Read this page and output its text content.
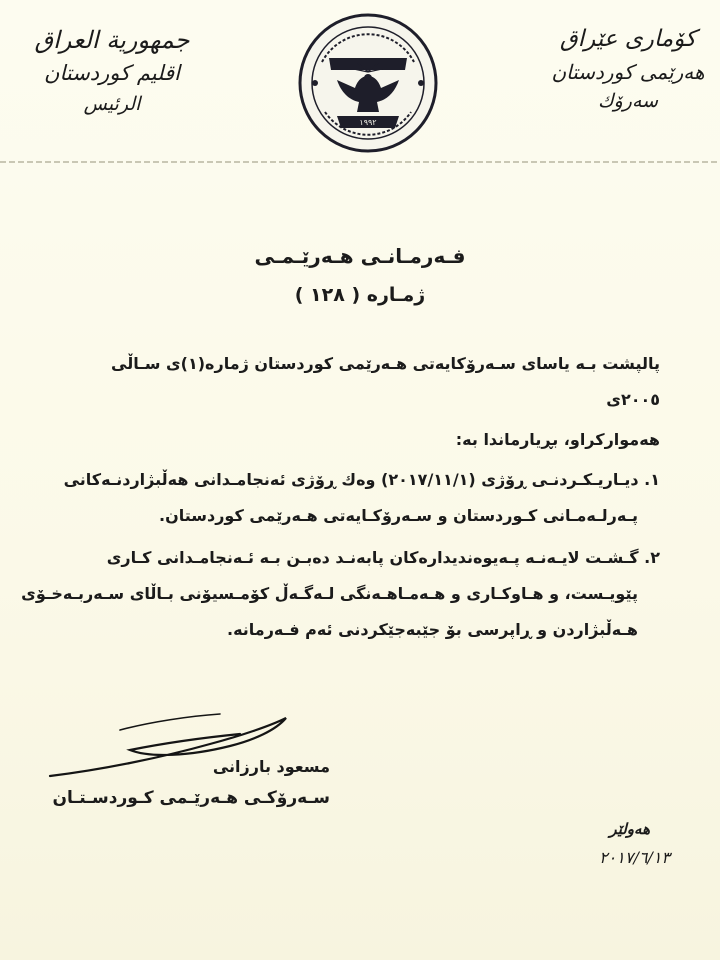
جمهورية العراق
اقليم كوردستان
الرئيس
كۆماری عێراق
هەرێمی کوردستان
سەرۆك
١٩٩٢
فـەرمـانـی هـەرێـمـی
ژمـارە ( ١٢٨ )

پالپشت بـە یاسای سـەرۆکایەتی هـەرێمی کوردستان ژمارە(١)ی سـاڵی ٢٠٠٥ی

هەموارکراو، بڕیارماندا بە:

١. دیـاریـکـردنـی ڕۆژی (٢٠١٧/١١/١) وەك ڕۆژی ئەنجامـدانی هەڵبژاردنـەکانی
پـەرلـەمـانی کـوردستان و سـەرۆکـایەتی هـەرێمی کوردستان.
٢. گـشـت لایـەنـە پـەیوەندیدارەکان پابەنـد دەبـن بـە ئـەنجامـدانی کـاری
پێویـست، و هـاوکـاری و هـەمـاهـەنگی لـەگـەڵ کۆمـسیۆنی بـاڵای سـەربـەخـۆی
هـەڵبژاردن و ڕاپرسی بۆ جێبەجێکردنی ئەم فـەرمانە.
مسعود بارزانی
سـەرۆکـی هـەرێـمی کـوردسـتـان
هەولێر
٢٠١٧/٦/١٣
